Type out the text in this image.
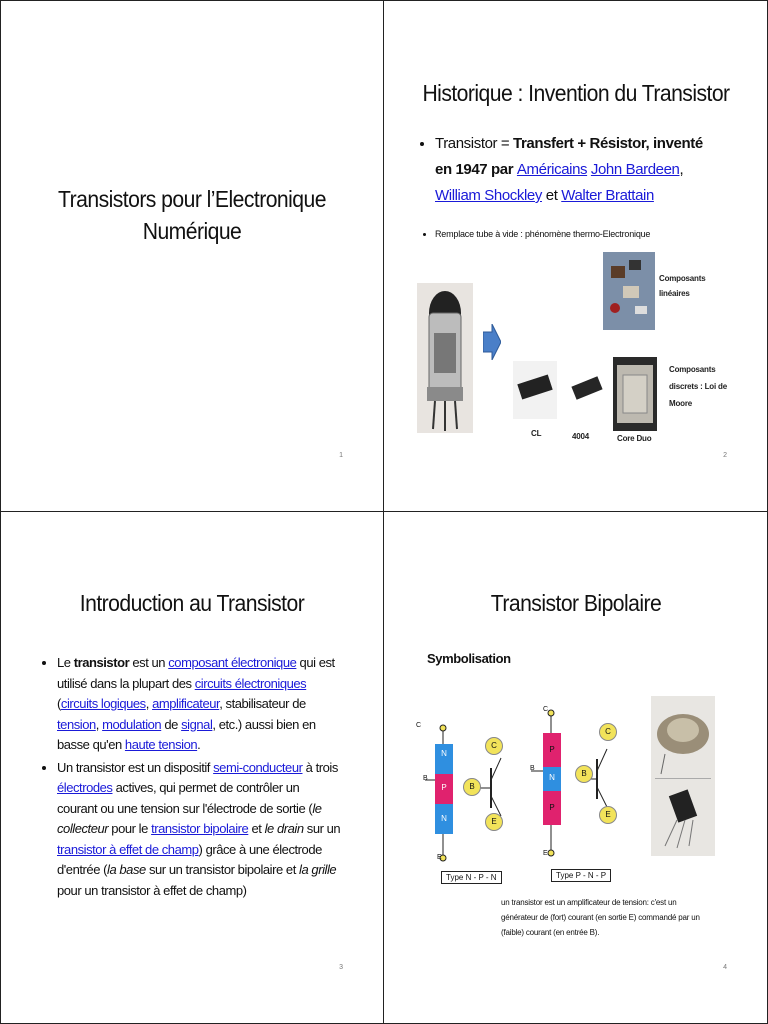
Transistors pour l’Electronique
Numérique
1
Historique : Invention du Transistor
• Transistor = Transfert + Résistor, inventé en 1947 par Américains John Bardeen, William Shockley et Walter Brattain
• Remplace tube à vide : phénomène thermo-Electronique
Composants linéaires
CL	4004	Core Duo
Composants discrets : Loi de Moore
2
Introduction au Transistor
• Le transistor est un composant électronique qui est utilisé dans la plupart des circuits électroniques (circuits logiques, amplificateur, stabilisateur de tension, modulation de signal, etc.) aussi bien en basse qu'en haute tension.
• Un transistor est un dispositif semi-conducteur à trois électrodes actives, qui permet de contrôler un courant ou une tension sur l'électrode de sortie (le collecteur pour le transistor bipolaire et le drain sur un transistor à effet de champ) grâce à une électrode d'entrée (la base sur un transistor bipolaire et la grille pour un transistor à effet de champ)
3
Transistor Bipolaire
Symbolisation
C
B
E
N
P
N
C
B
E
Type N - P - N
C
B
E
P
N
P
C
B
E
Type P - N - P
un transistor est un amplificateur de tension: c'est un générateur de (fort) courant (en sortie E) commandé par un (faible) courant (en entrée B).
4
